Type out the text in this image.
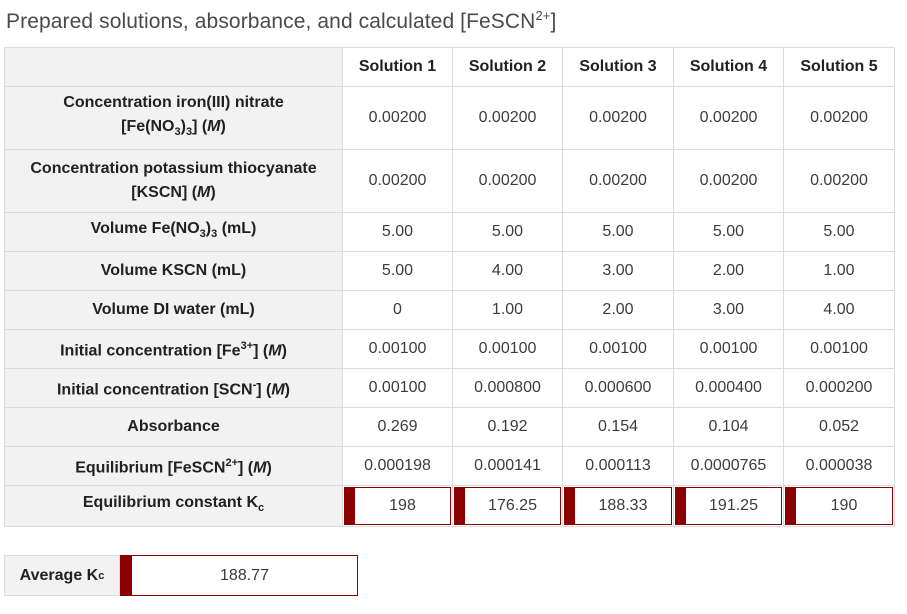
Prepared solutions, absorbance, and calculated [FeSCN$^{2+}$]
	Solution 1	Solution 2	Solution 3	Solution 4	Solution 5
Concentration iron(III) nitrate
$[Fe(NO_3)_3]$ (M)	0.00200	0.00200	0.00200	0.00200	0.00200
Concentration potassium thiocyanate
[KSCN] (M)	0.00200	0.00200	0.00200	0.00200	0.00200
Volume $Fe(NO_3)_3$ (mL)	5.00	5.00	5.00	5.00	5.00
Volume KSCN (mL)	5.00	4.00	3.00	2.00	1.00
Volume DI water (mL)	0	1.00	2.00	3.00	4.00
Initial concentration $[Fe^{3+}]$ (M)	0.00100	0.00100	0.00100	0.00100	0.00100
Initial concentration [SCN-] (M)	0.00100	0.000800	0.000600	0.000400	0.000200
Absorbance	0.269	0.192	0.154	0.104	0.052
Equilibrium [FeSCN$^{2+}$] (M)	0.000198	0.000141	0.000113	0.0000765	0.000038
Equilibrium constant $K_c$	198	176.25	188.33	191.25	190
Average K c	188.77
